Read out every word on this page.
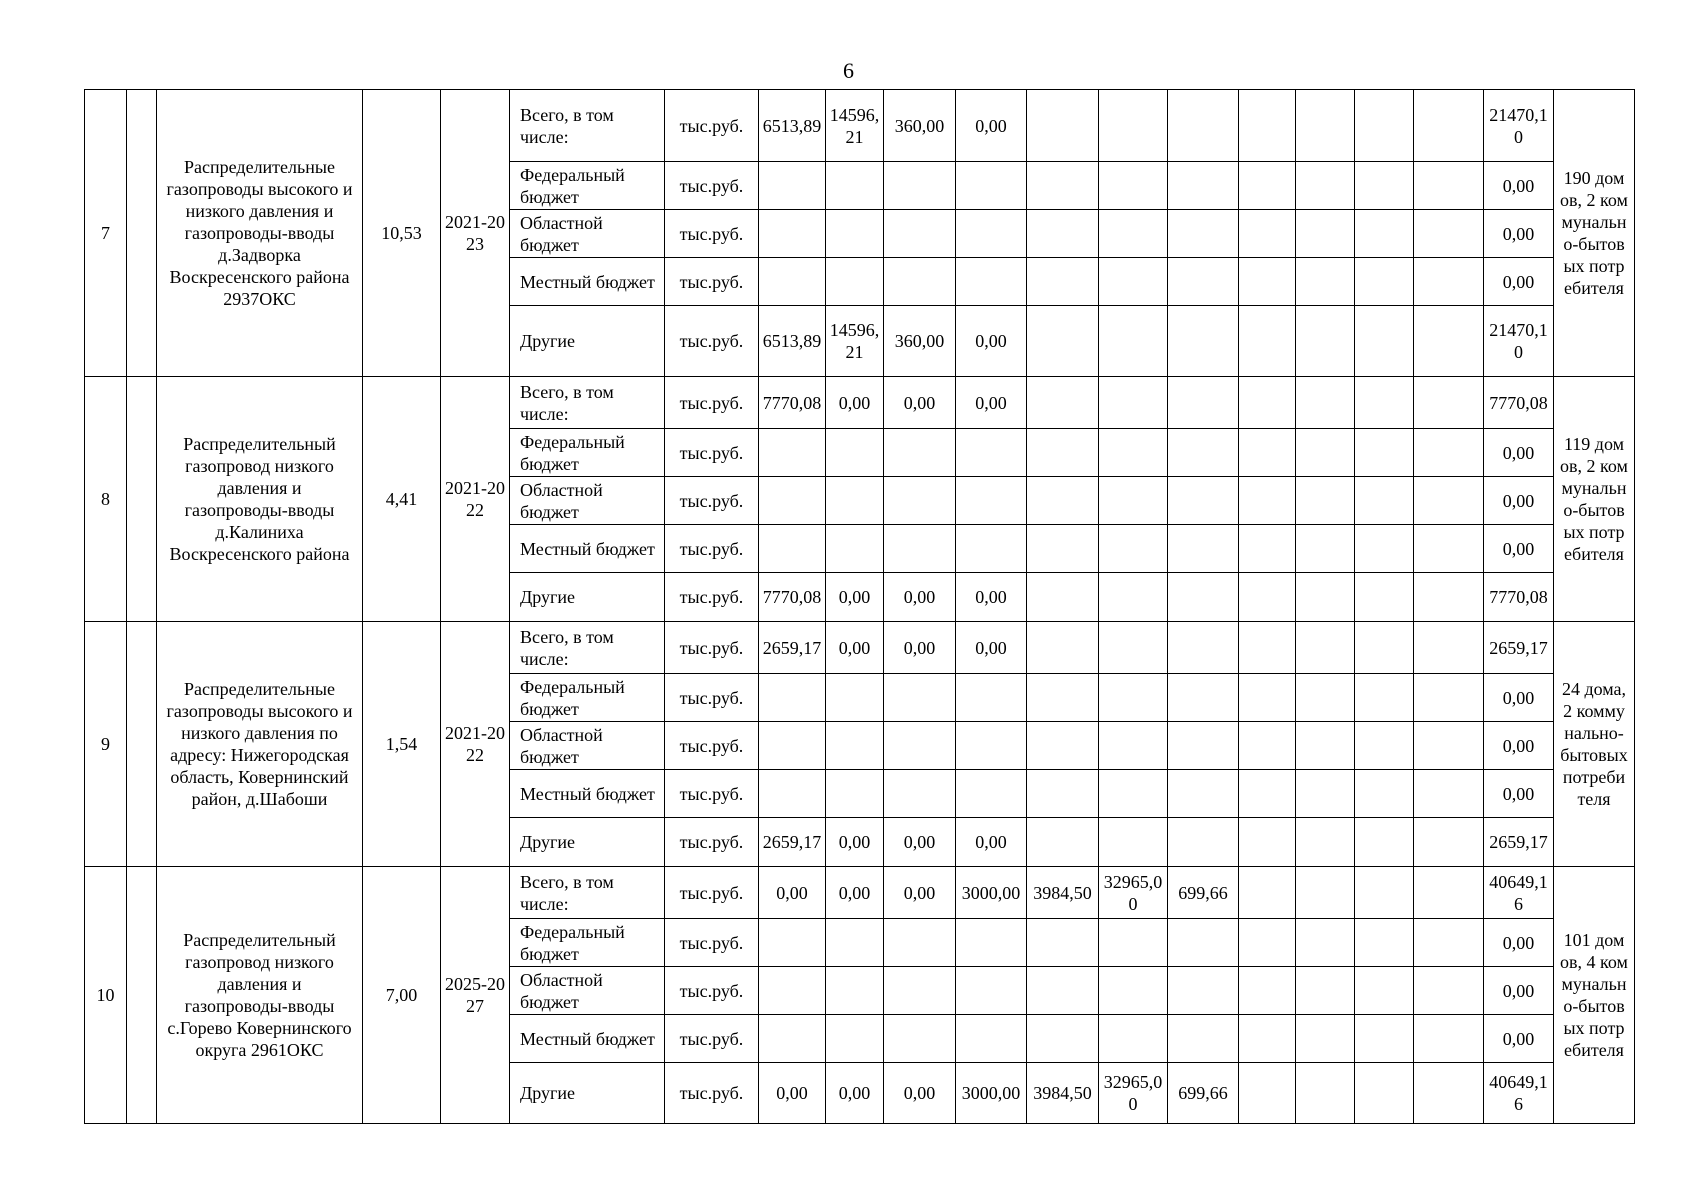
6
7		Распределительные газопроводы высокого и низкого давления и газопроводы-вводы д.Задворка Воскресенского района 2937ОКС	10,53	2021-2023	Всего, в том числе:	тыс.руб.	6513,89	14596,21	360,00	0,00								21470,10	190 домов, 2 коммунально-бытовых потребителя
					Федеральный бюджет	тыс.руб.												0,00	
					Областной бюджет	тыс.руб.												0,00	
					Местный бюджет	тыс.руб.												0,00	
					Другие	тыс.руб.	6513,89	14596,21	360,00	0,00								21470,10	
8		Распределительный газопровод низкого давления и газопроводы-вводы д.Калиниха Воскресенского района	4,41	2021-2022	Всего, в том числе:	тыс.руб.	7770,08	0,00	0,00	0,00								7770,08	119 домов, 2 коммунально-бытовых потребителя
					Федеральный бюджет	тыс.руб.												0,00	
					Областной бюджет	тыс.руб.												0,00	
					Местный бюджет	тыс.руб.												0,00	
					Другие	тыс.руб.	7770,08	0,00	0,00	0,00								7770,08	
9		Распределительные газопроводы высокого и низкого давления по адресу: Нижегородская область, Ковернинский район, д.Шабоши	1,54	2021-2022	Всего, в том числе:	тыс.руб.	2659,17	0,00	0,00	0,00								2659,17	24 дома, 2 коммунально-бытовых потребителя
					Федеральный бюджет	тыс.руб.												0,00	
					Областной бюджет	тыс.руб.												0,00	
					Местный бюджет	тыс.руб.												0,00	
					Другие	тыс.руб.	2659,17	0,00	0,00	0,00								2659,17	
10		Распределительный газопровод низкого давления и газопроводы-вводы с.Горево Ковернинского округа 2961ОКС	7,00	2025-2027	Всего, в том числе:	тыс.руб.	0,00	0,00	0,00	3000,00	3984,50	32965,00	699,66					40649,16	101 домов, 4 коммунально-бытовых потребителя
					Федеральный бюджет	тыс.руб.												0,00	
					Областной бюджет	тыс.руб.												0,00	
					Местный бюджет	тыс.руб.												0,00	
					Другие	тыс.руб.	0,00	0,00	0,00	3000,00	3984,50	32965,00	699,66					40649,16	
